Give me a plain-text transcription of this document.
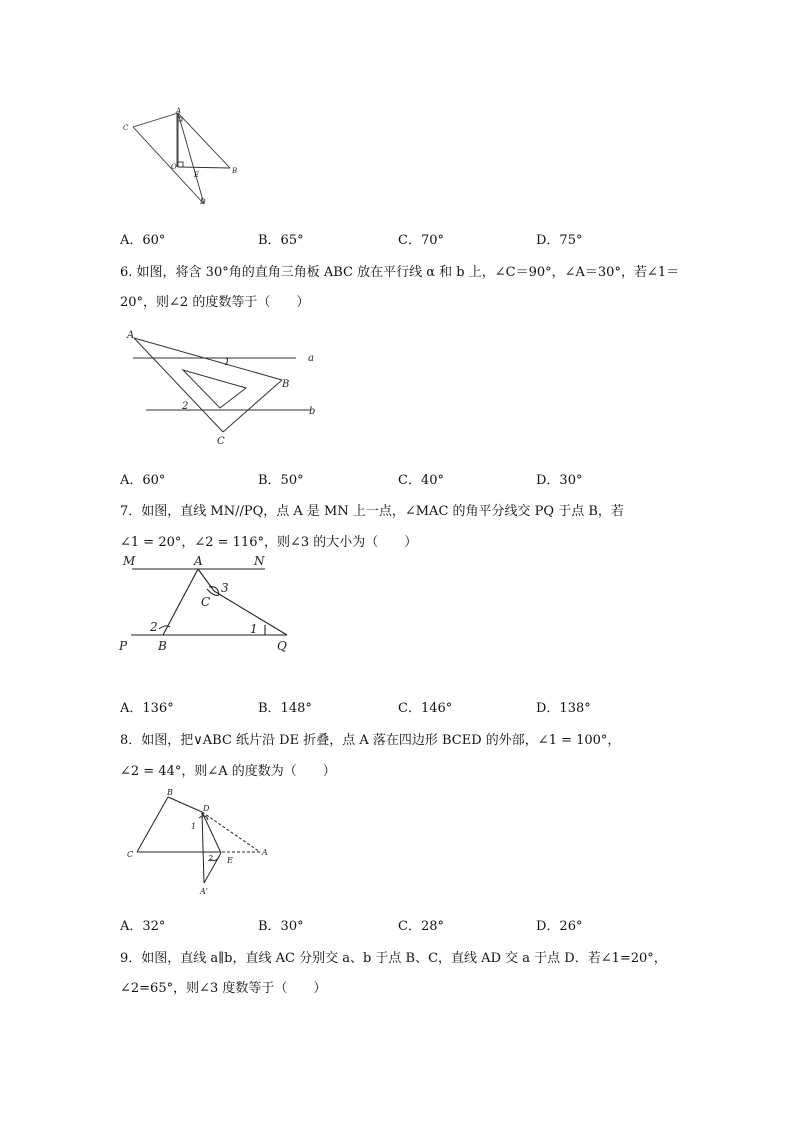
A
C
O
E	B
D
A．60°	B．65°	C．70°	D．75°
6. 如图，将含 30°角的直角三角板 ABC 放在平行线 α 和 b 上，∠C＝90°，∠A＝30°，若∠1＝
20°，则∠2 的度数等于（　　）
A
B
C
a
b
1
2
A．60°	B．50°	C．40°	D．30°
7．如图，直线 MN//PQ，点 A 是 MN 上一点，∠MAC 的角平分线交 PQ 于点 B，若
∠1 = 20°，∠2 = 116°，则∠3 的大小为（　　）
M	A	N
C
3
2	1
P	B	Q
A．136°	B．148°	C．146°	D．138°
8．如图，把∨ABC 纸片沿 DE 折叠，点 A 落在四边形 BCED 的外部，∠1 = 100°，
∠2 = 44°，则∠A 的度数为（　　）
B
D
1
C	2 E
A
A'
A．32°	B．30°	C．28°	D．26°
9．如图，直线 a∥b，直线 AC 分别交 a、b 于点 B、C，直线 AD 交 a 于点 D．若∠1=20°，
∠2=65°，则∠3 度数等于（　　）
